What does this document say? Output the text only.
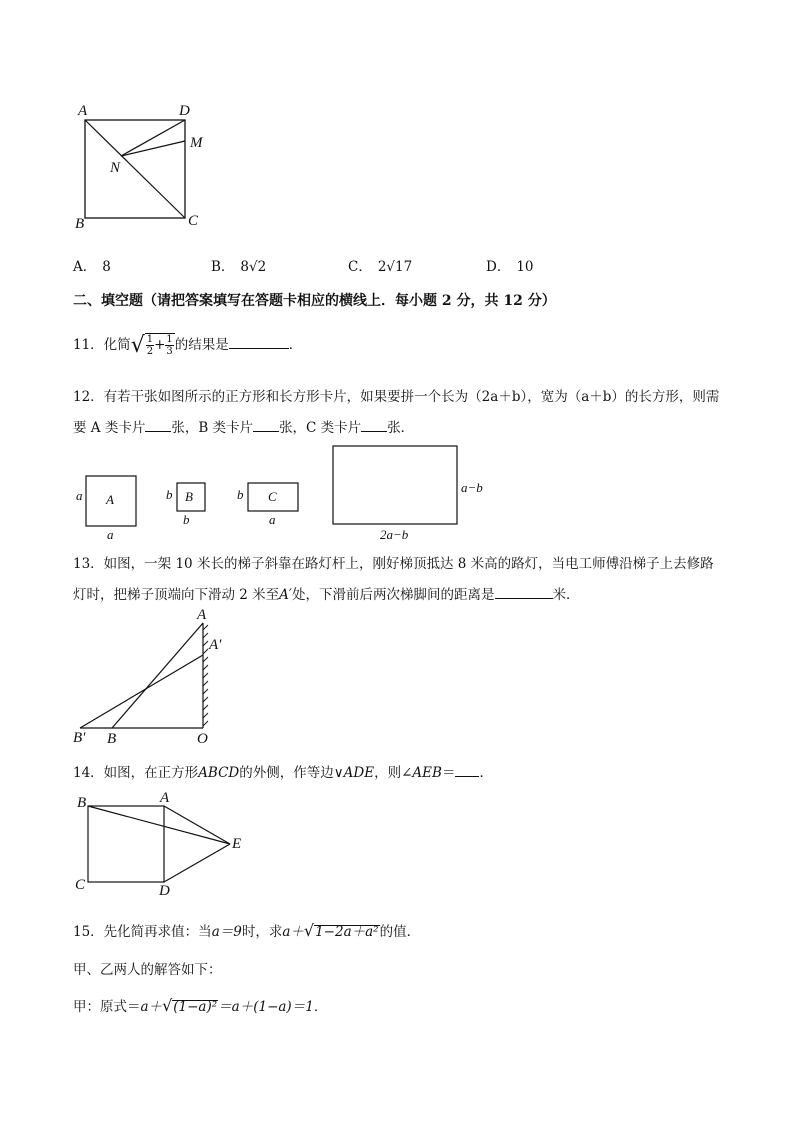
A	D
M
N
B	C
A． 8	B． 8√2	C． 2√17	D． 10
二、填空题（请把答案填写在答题卡相应的横线上．每小题 2 分，共 12 分）
11．化简√ $\frac{1}{2} + \frac{1}{3}$ 的结果是	．
12．有若干张如图所示的正方形和长方形卡片，如果要拼一个长为（2a＋b），宽为（a＋b）的长方形，则需
要 A 类卡片 张，B 类卡片 张，C 类卡片 张．
A
a
a
B
b
b
C
b
a
a−b
2a−b
13．如图，一架 10 米长的梯子斜靠在路灯杆上，刚好梯顶抵达 8 米高的路灯，当电工师傅沿梯子上去修路
灯时，把梯子顶端向下滑动 2 米至A′处，下滑前后两次梯脚间的距离是	米．
A
A′
B′ B	O
14．如图，在正方形ABCD的外侧，作等边∨ADE，则∠AEB＝ ．
B	A
E
C	D
15．先化简再求值：当a＝9时，求a＋√1−2a＋a²的值．
甲、乙两人的解答如下：
甲：原式＝a＋√(1−a)²＝a＋(1−a)＝1．
